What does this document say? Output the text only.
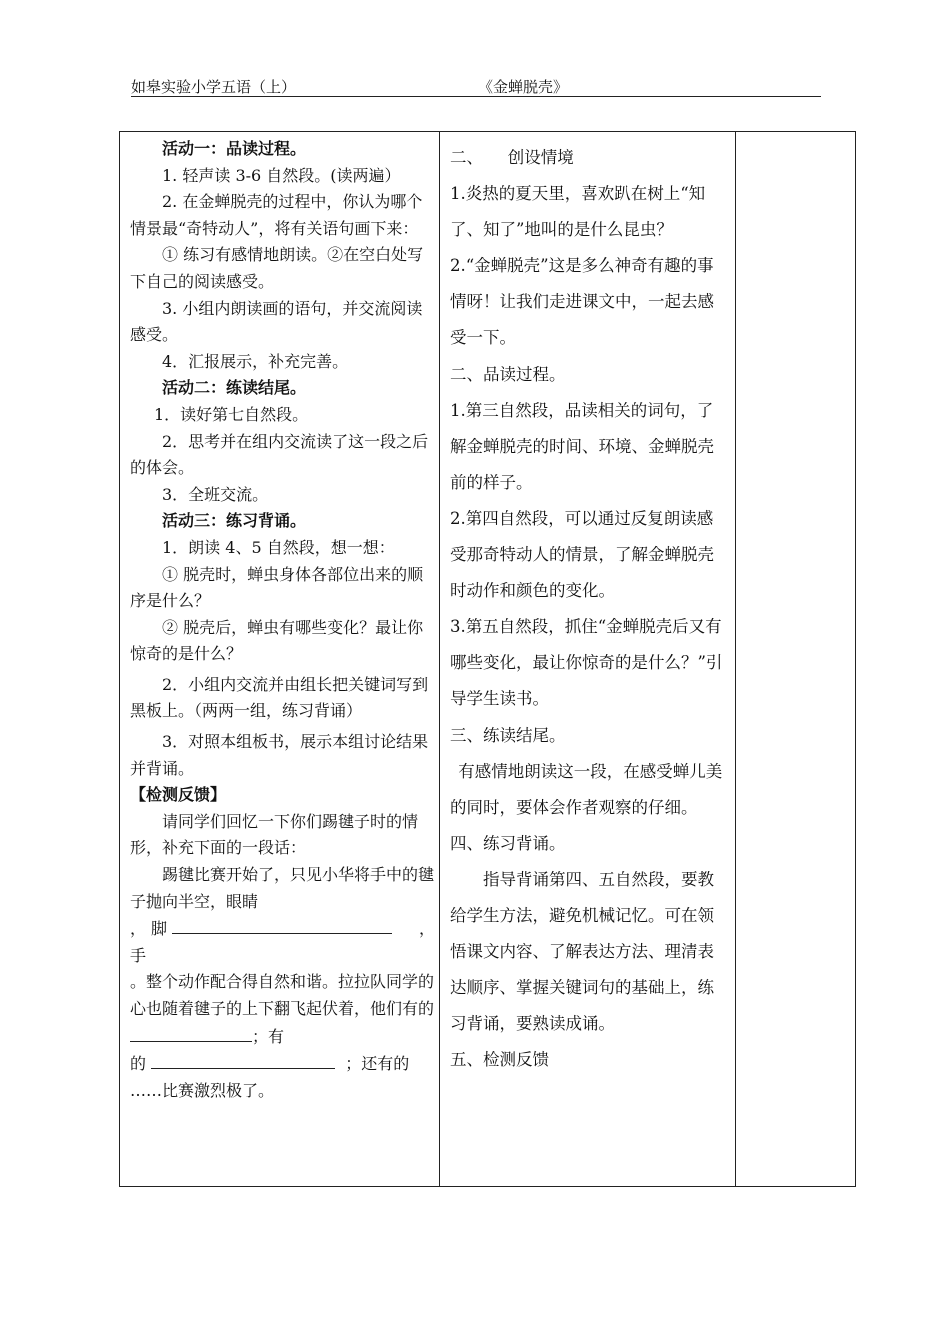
如皋实验小学五语（上）	《金蝉脱壳》

活动一：品读过程。

1. 轻声读 3-6 自然段。(读两遍）

2. 在金蝉脱壳的过程中，你认为哪个情景最“奇特动人”，将有关语句画下来：

① 练习有感情地朗读。②在空白处写下自己的阅读感受。

3. 小组内朗读画的语句，并交流阅读感受。

4．汇报展示，补充完善。

活动二：练读结尾。

1．读好第七自然段。

2．思考并在组内交流读了这一段之后的体会。

3．全班交流。

活动三：练习背诵。

1．朗读 4、5 自然段，想一想：

① 脱壳时，蝉虫身体各部位出来的顺序是什么？

② 脱壳后，蝉虫有哪些变化？最让你惊奇的是什么？

2．小组内交流并由组长把关键词写到黑板上。（两两一组，练习背诵）

3．对照本组板书，展示本组讨论结果并背诵。

【检测反馈】

请同学们回忆一下你们踢毽子时的情形，补充下面的一段话：

踢毽比赛开始了，只见小华将手中的毽子抛向半空，眼睛

，脚	，手

。整个动作配合得自然和谐。拉拉队同学的心也随着毽子的上下翻飞起伏着，他们有的；有

的	；还有的

……比赛激烈极了。

二、　　创设情境

1.炎热的夏天里，喜欢趴在树上“知了、知了”地叫的是什么昆虫？

2.“金蝉脱壳”这是多么神奇有趣的事情呀！让我们走进课文中，一起去感受一下。

二、品读过程。

1.第三自然段，品读相关的词句，了解金蝉脱壳的时间、环境、金蝉脱壳前的样子。

2.第四自然段，可以通过反复朗读感受那奇特动人的情景，了解金蝉脱壳时动作和颜色的变化。

3.第五自然段，抓住“金蝉脱壳后又有哪些变化，最让你惊奇的是什么？”引导学生读书。

三、练读结尾。

有感情地朗读这一段，在感受蝉儿美的同时，要体会作者观察的仔细。

四、练习背诵。

指导背诵第四、五自然段，要教给学生方法，避免机械记忆。可在领悟课文内容、了解表达方法、理清表达顺序、掌握关键词句的基础上，练习背诵，要熟读成诵。

五、检测反馈
